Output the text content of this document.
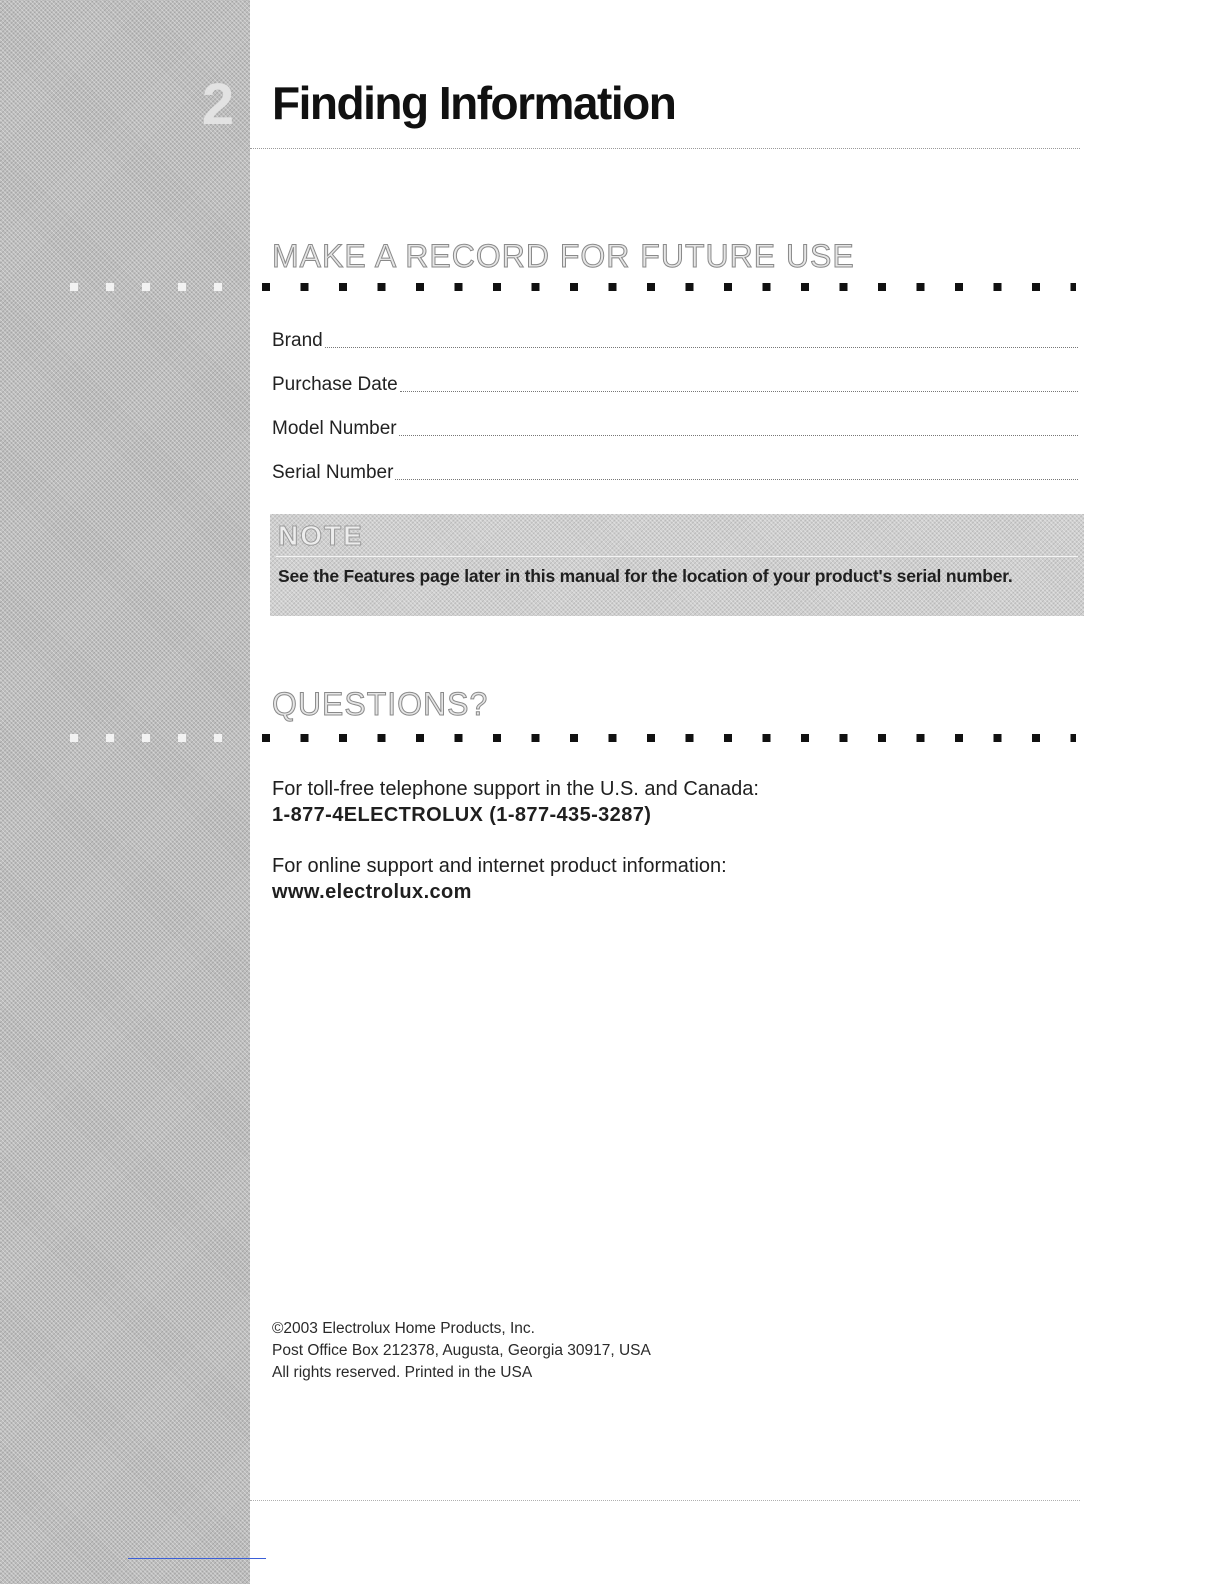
2 Finding Information
MAKE A RECORD FOR FUTURE USE
Brand
Purchase Date
Model Number
Serial Number
NOTE

See the Features page later in this manual for the location of your product's serial number.

QUESTIONS?

For toll-free telephone support in the U.S. and Canada:
1-877-4ELECTROLUX (1-877-435-3287)

For online support and internet product information:
www.electrolux.com

©2003 Electrolux Home Products, Inc.
Post Office Box 212378, Augusta, Georgia 30917, USA
All rights reserved. Printed in the USA
